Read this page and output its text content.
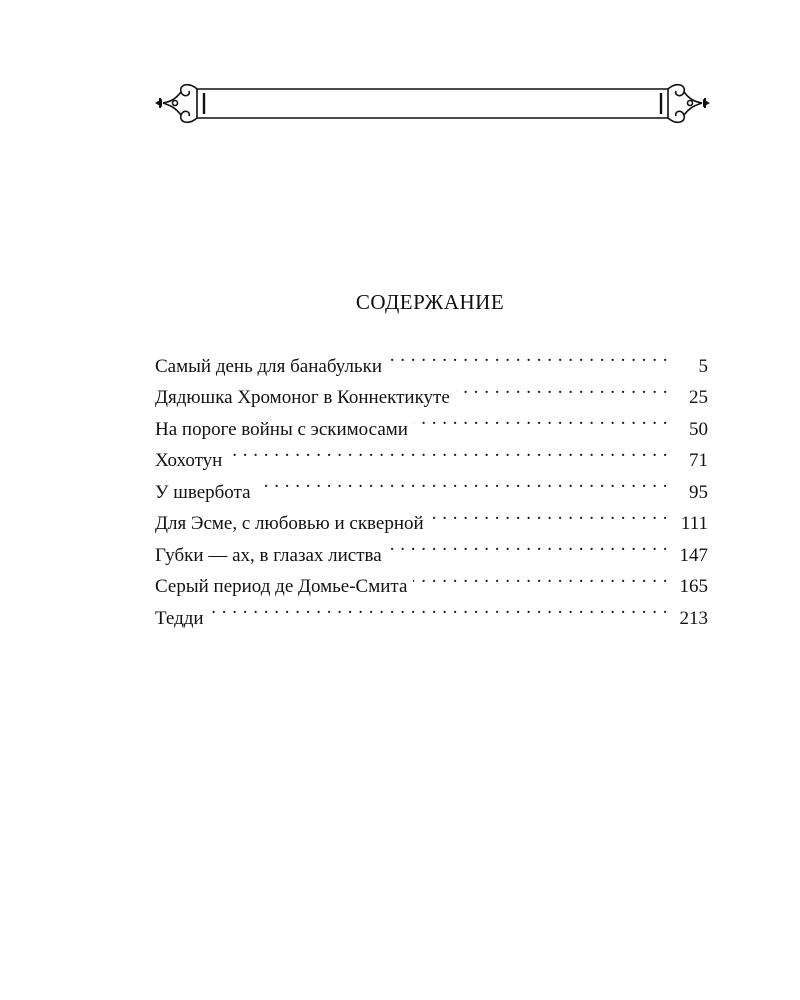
СОДЕРЖАНИЕ
Самый день для банабульки . . .	5
Дядюшка Хромоног в Коннектикуте . . .	25
На пороге войны с эскимосами . . .	50
Хохотун . . .	71
У швербота . . .	95
Для Эсме, с любовью и скверной . . .	111
Губки — ах, в глазах листва . . .	147
Серый период де Домье-Смита . . .	165
Тедди . . .	213
